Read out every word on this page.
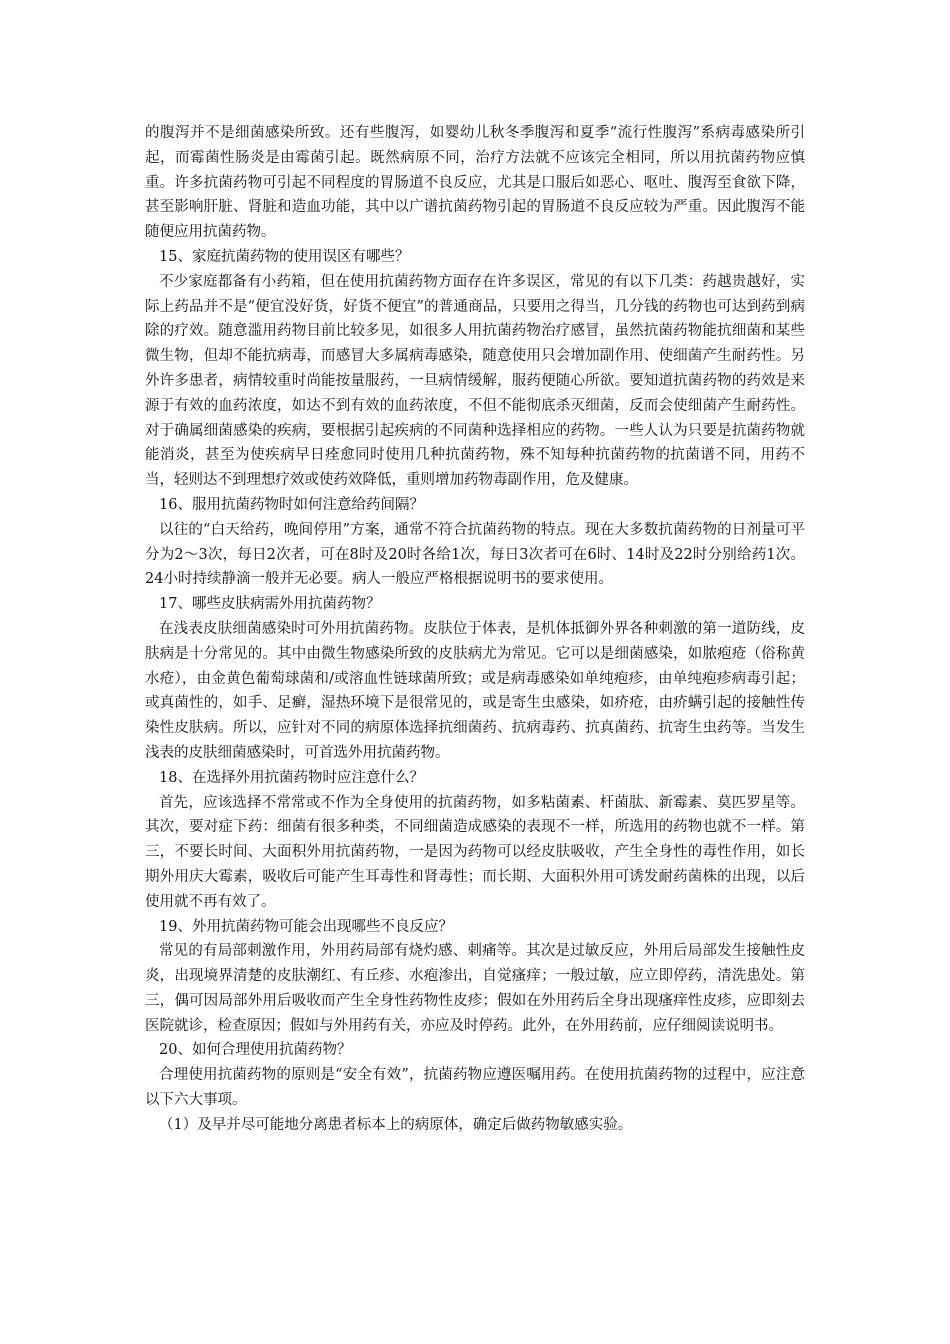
的腹泻并不是细菌感染所致。还有些腹泻，如婴幼儿秋冬季腹泻和夏季“流行性腹泻”系病毒感染所引起，而霉菌性肠炎是由霉菌引起。既然病原不同，治疗方法就不应该完全相同，所以用抗菌药物应慎重。许多抗菌药物可引起不同程度的胃肠道不良反应，尤其是口服后如恶心、呕吐、腹泻至食欲下降，甚至影响肝脏、肾脏和造血功能，其中以广谱抗菌药物引起的胃肠道不良反应较为严重。因此腹泻不能随便应用抗菌药物。

15、家庭抗菌药物的使用误区有哪些？

不少家庭都备有小药箱，但在使用抗菌药物方面存在许多误区，常见的有以下几类：药越贵越好，实际上药品并不是“便宜没好货，好货不便宜”的普通商品，只要用之得当，几分钱的药物也可达到药到病除的疗效。随意滥用药物目前比较多见，如很多人用抗菌药物治疗感冒，虽然抗菌药物能抗细菌和某些微生物，但却不能抗病毒，而感冒大多属病毒感染，随意使用只会增加副作用、使细菌产生耐药性。另外许多患者，病情较重时尚能按量服药，一旦病情缓解，服药便随心所欲。要知道抗菌药物的药效是来源于有效的血药浓度，如达不到有效的血药浓度，不但不能彻底杀灭细菌，反而会使细菌产生耐药性。对于确属细菌感染的疾病，要根据引起疾病的不同菌种选择相应的药物。一些人认为只要是抗菌药物就能消炎，甚至为使疾病早日痊愈同时使用几种抗菌药物，殊不知每种抗菌药物的抗菌谱不同，用药不当，轻则达不到理想疗效或使药效降低，重则增加药物毒副作用，危及健康。

16、服用抗菌药物时如何注意给药间隔？

以往的“白天给药，晚间停用”方案，通常不符合抗菌药物的特点。现在大多数抗菌药物的日剂量可平分为2～3次，每日2次者，可在8时及20时各给1次，每日3次者可在6时、14时及22时分别给药1次。24小时持续静滴一般并无必要。病人一般应严格根据说明书的要求使用。

17、哪些皮肤病需外用抗菌药物？

在浅表皮肤细菌感染时可外用抗菌药物。皮肤位于体表，是机体抵御外界各种刺激的第一道防线，皮肤病是十分常见的。其中由微生物感染所致的皮肤病尤为常见。它可以是细菌感染，如脓疱疮（俗称黄水疮），由金黄色葡萄球菌和/或溶血性链球菌所致；或是病毒感染如单纯疱疹，由单纯疱疹病毒引起；或真菌性的，如手、足癣，湿热环境下是很常见的，或是寄生虫感染，如疥疮，由疥螨引起的接触性传染性皮肤病。所以，应针对不同的病原体选择抗细菌药、抗病毒药、抗真菌药、抗寄生虫药等。当发生浅表的皮肤细菌感染时，可首选外用抗菌药物。

18、在选择外用抗菌药物时应注意什么？

首先，应该选择不常常或不作为全身使用的抗菌药物，如多粘菌素、杆菌肽、新霉素、莫匹罗星等。其次，要对症下药：细菌有很多种类，不同细菌造成感染的表现不一样，所选用的药物也就不一样。第三，不要长时间、大面积外用抗菌药物，一是因为药物可以经皮肤吸收，产生全身性的毒性作用，如长期外用庆大霉素，吸收后可能产生耳毒性和肾毒性；而长期、大面积外用可诱发耐药菌株的出现，以后使用就不再有效了。

19、外用抗菌药物可能会出现哪些不良反应？

常见的有局部刺激作用，外用药局部有烧灼感、刺痛等。其次是过敏反应，外用后局部发生接触性皮炎，出现境界清楚的皮肤潮红、有丘疹、水疱渗出，自觉瘙痒；一般过敏，应立即停药，清洗患处。第三，偶可因局部外用后吸收而产生全身性药物性皮疹；假如在外用药后全身出现瘙痒性皮疹，应即刻去医院就诊，检查原因；假如与外用药有关，亦应及时停药。此外，在外用药前，应仔细阅读说明书。

20、如何合理使用抗菌药物？

合理使用抗菌药物的原则是“安全有效”，抗菌药物应遵医嘱用药。在使用抗菌药物的过程中，应注意以下六大事项。

（1）及早并尽可能地分离患者标本上的病原体，确定后做药物敏感实验。
